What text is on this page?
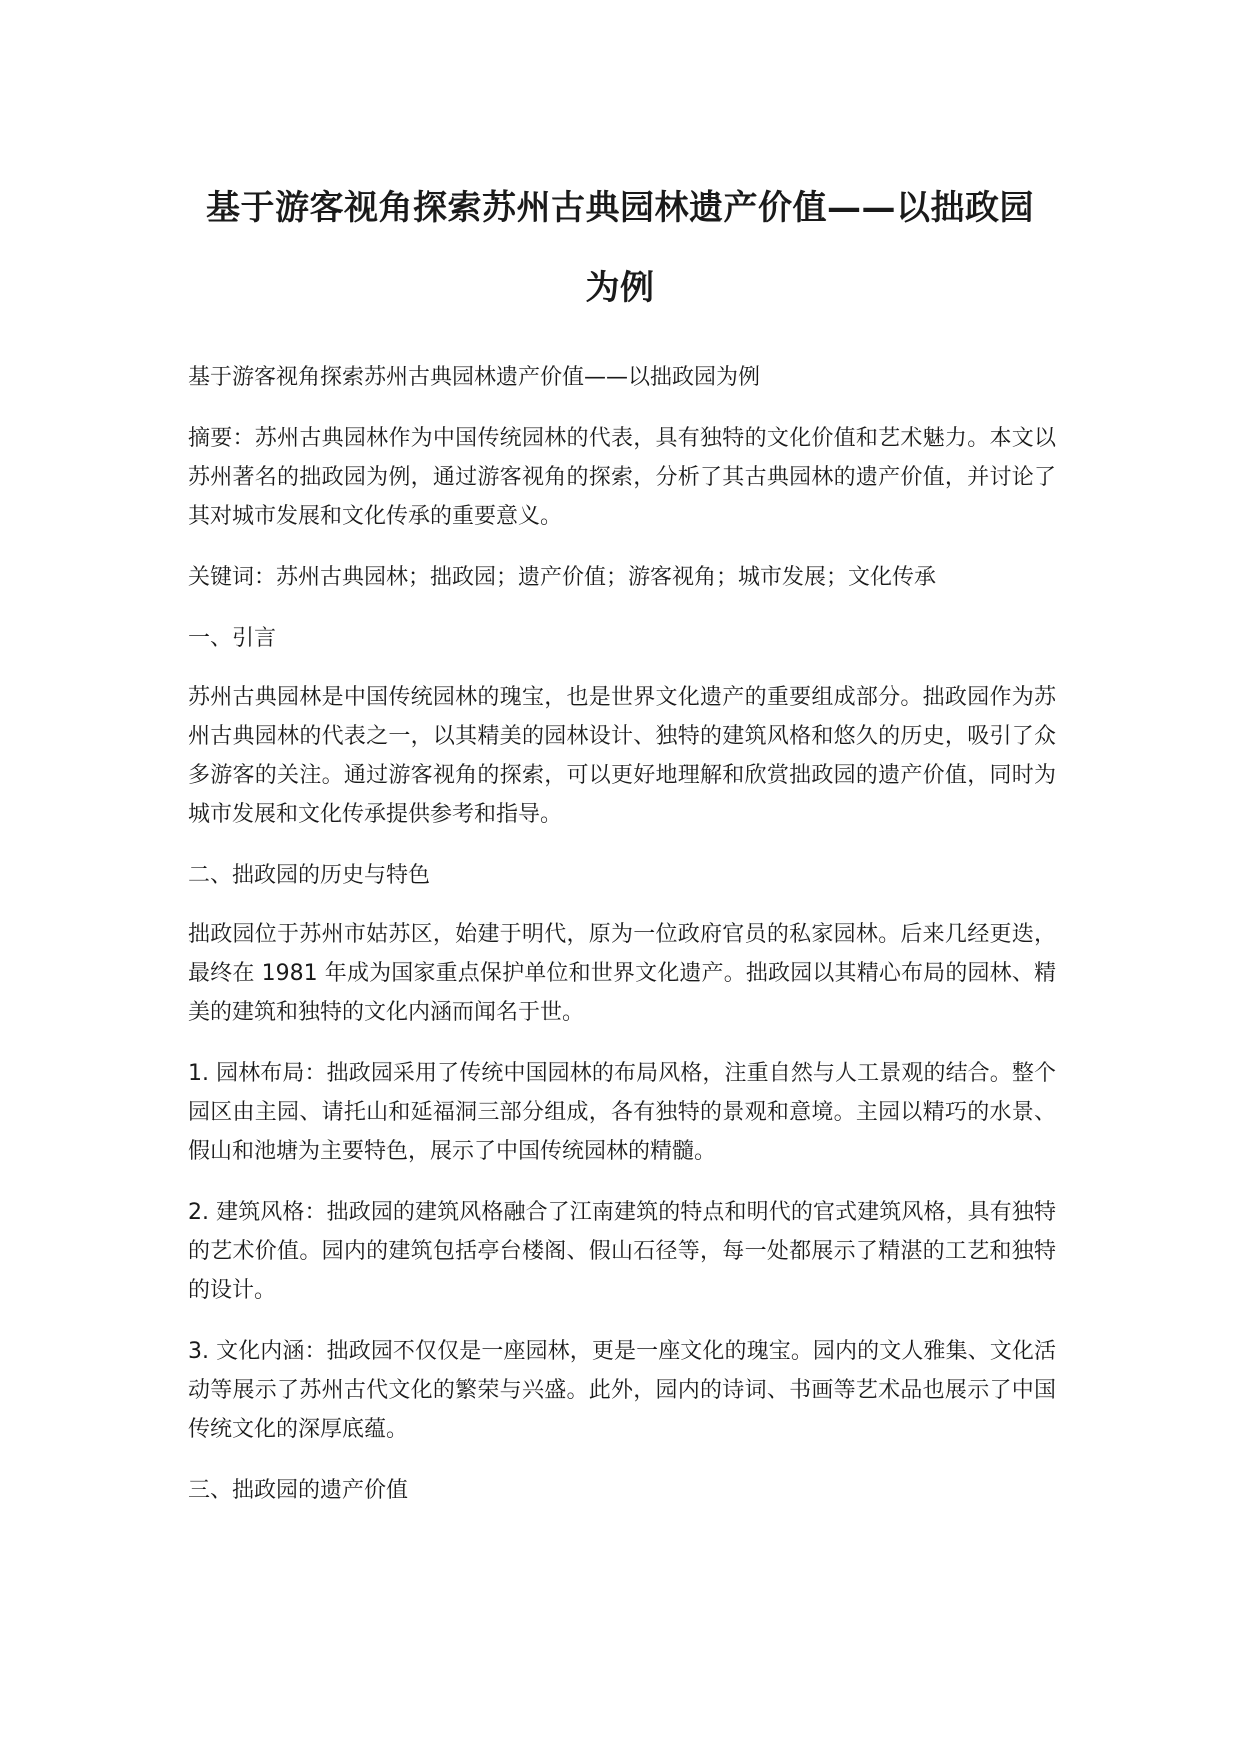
基于游客视角探索苏州古典园林遗产价值——以拙政园为例

基于游客视角探索苏州古典园林遗产价值——以拙政园为例

摘要：苏州古典园林作为中国传统园林的代表，具有独特的文化价值和艺术魅力。本文以苏州著名的拙政园为例，通过游客视角的探索，分析了其古典园林的遗产价值，并讨论了其对城市发展和文化传承的重要意义。

关键词：苏州古典园林；拙政园；遗产价值；游客视角；城市发展；文化传承

一、引言

苏州古典园林是中国传统园林的瑰宝，也是世界文化遗产的重要组成部分。拙政园作为苏州古典园林的代表之一，以其精美的园林设计、独特的建筑风格和悠久的历史，吸引了众多游客的关注。通过游客视角的探索，可以更好地理解和欣赏拙政园的遗产价值，同时为城市发展和文化传承提供参考和指导。

二、拙政园的历史与特色

拙政园位于苏州市姑苏区，始建于明代，原为一位政府官员的私家园林。后来几经更迭，最终在 1981 年成为国家重点保护单位和世界文化遗产。拙政园以其精心布局的园林、精美的建筑和独特的文化内涵而闻名于世。

1. 园林布局：拙政园采用了传统中国园林的布局风格，注重自然与人工景观的结合。整个园区由主园、请托山和延福洞三部分组成，各有独特的景观和意境。主园以精巧的水景、假山和池塘为主要特色，展示了中国传统园林的精髓。

2. 建筑风格：拙政园的建筑风格融合了江南建筑的特点和明代的官式建筑风格，具有独特的艺术价值。园内的建筑包括亭台楼阁、假山石径等，每一处都展示了精湛的工艺和独特的设计。

3. 文化内涵：拙政园不仅仅是一座园林，更是一座文化的瑰宝。园内的文人雅集、文化活动等展示了苏州古代文化的繁荣与兴盛。此外，园内的诗词、书画等艺术品也展示了中国传统文化的深厚底蕴。

三、拙政园的遗产价值
